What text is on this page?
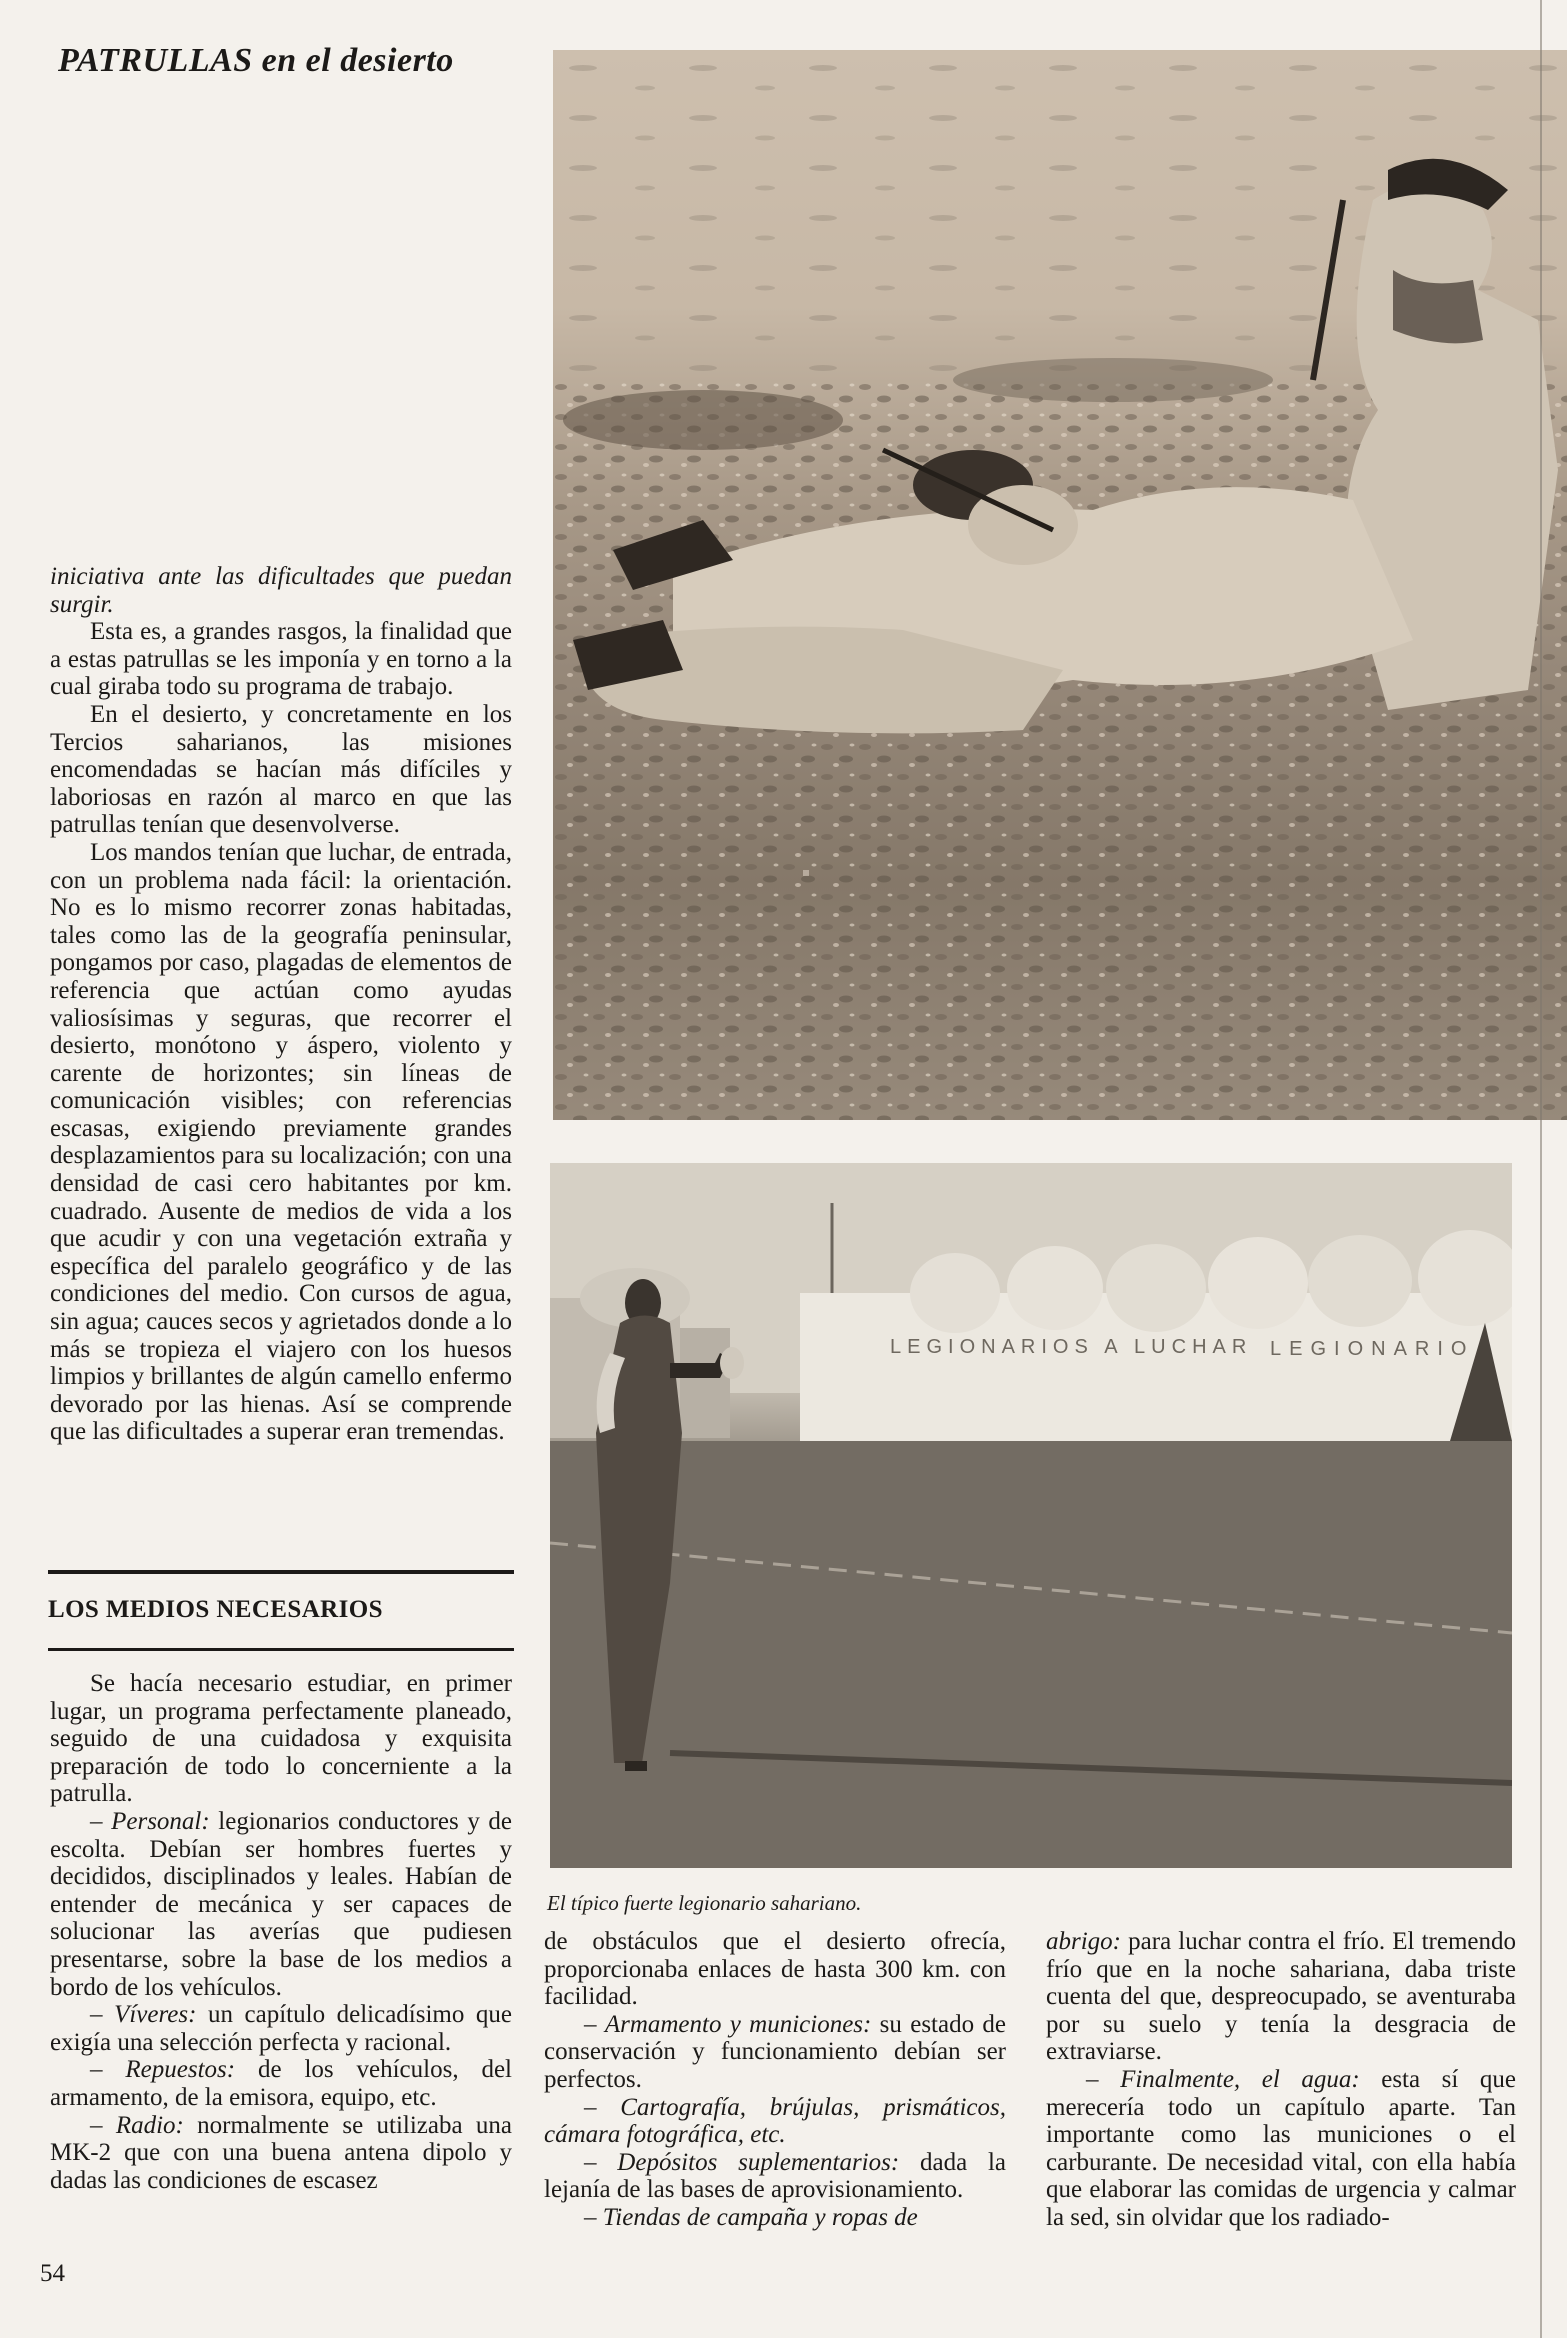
PATRULLAS en el desierto

iniciativa ante las dificultades que puedan surgir.

Esta es, a grandes rasgos, la finalidad que a estas patrullas se les imponía y en torno a la cual giraba todo su programa de trabajo.

En el desierto, y concretamente en los Tercios saharianos, las misiones encomendadas se hacían más difíciles y laboriosas en razón al marco en que las patrullas tenían que desenvolverse.

Los mandos tenían que luchar, de entrada, con un problema nada fácil: la orientación. No es lo mismo recorrer zonas habitadas, tales como las de la geografía peninsular, pongamos por caso, plagadas de elementos de referencia que actúan como ayudas valiosísimas y seguras, que recorrer el desierto, monótono y áspero, violento y carente de horizontes; sin líneas de comunicación visibles; con referencias escasas, exigiendo previamente grandes desplazamientos para su localización; con una densidad de casi cero habitantes por km. cuadrado. Ausente de medios de vida a los que acudir y con una vegetación extraña y específica del paralelo geográfico y de las condiciones del medio. Con cursos de agua, sin agua; cauces secos y agrietados donde a lo más se tropieza el viajero con los huesos limpios y brillantes de algún camello enfermo devorado por las hienas. Así se comprende que las dificultades a superar eran tremendas.

LOS MEDIOS NECESARIOS

Se hacía necesario estudiar, en primer lugar, un programa perfectamente planeado, seguido de una cuidadosa y exquisita preparación de todo lo concerniente a la patrulla.

– Personal: legionarios conductores y de escolta. Debían ser hombres fuertes y decididos, disciplinados y leales. Habían de entender de mecánica y ser capaces de solucionar las averías que pudiesen presentarse, sobre la base de los medios a bordo de los vehículos.

– Víveres: un capítulo delicadísimo que exigía una selección perfecta y racional.

– Repuestos: de los vehículos, del armamento, de la emisora, equipo, etc.

– Radio: normalmente se utilizaba una MK-2 que con una buena antena dipolo y dadas las condiciones de escasez

LEGIONARIOS A LUCHAR LEGIONARIO
El típico fuerte legionario sahariano.

de obstáculos que el desierto ofrecía, proporcionaba enlaces de hasta 300 km. con facilidad.

– Armamento y municiones: su estado de conservación y funcionamiento debían ser perfectos.

– Cartografía, brújulas, prismáticos, cámara fotográfica, etc.

– Depósitos suplementarios: dada la lejanía de las bases de aprovisionamiento.

– Tiendas de campaña y ropas de

abrigo: para luchar contra el frío. El tremendo frío que en la noche sahariana, daba triste cuenta del que, despreocupado, se aventuraba por su suelo y tenía la desgracia de extraviarse.

– Finalmente, el agua: esta sí que merecería todo un capítulo aparte. Tan importante como las municiones o el carburante. De necesidad vital, con ella había que elaborar las comidas de urgencia y calmar la sed, sin olvidar que los radiado-

54
